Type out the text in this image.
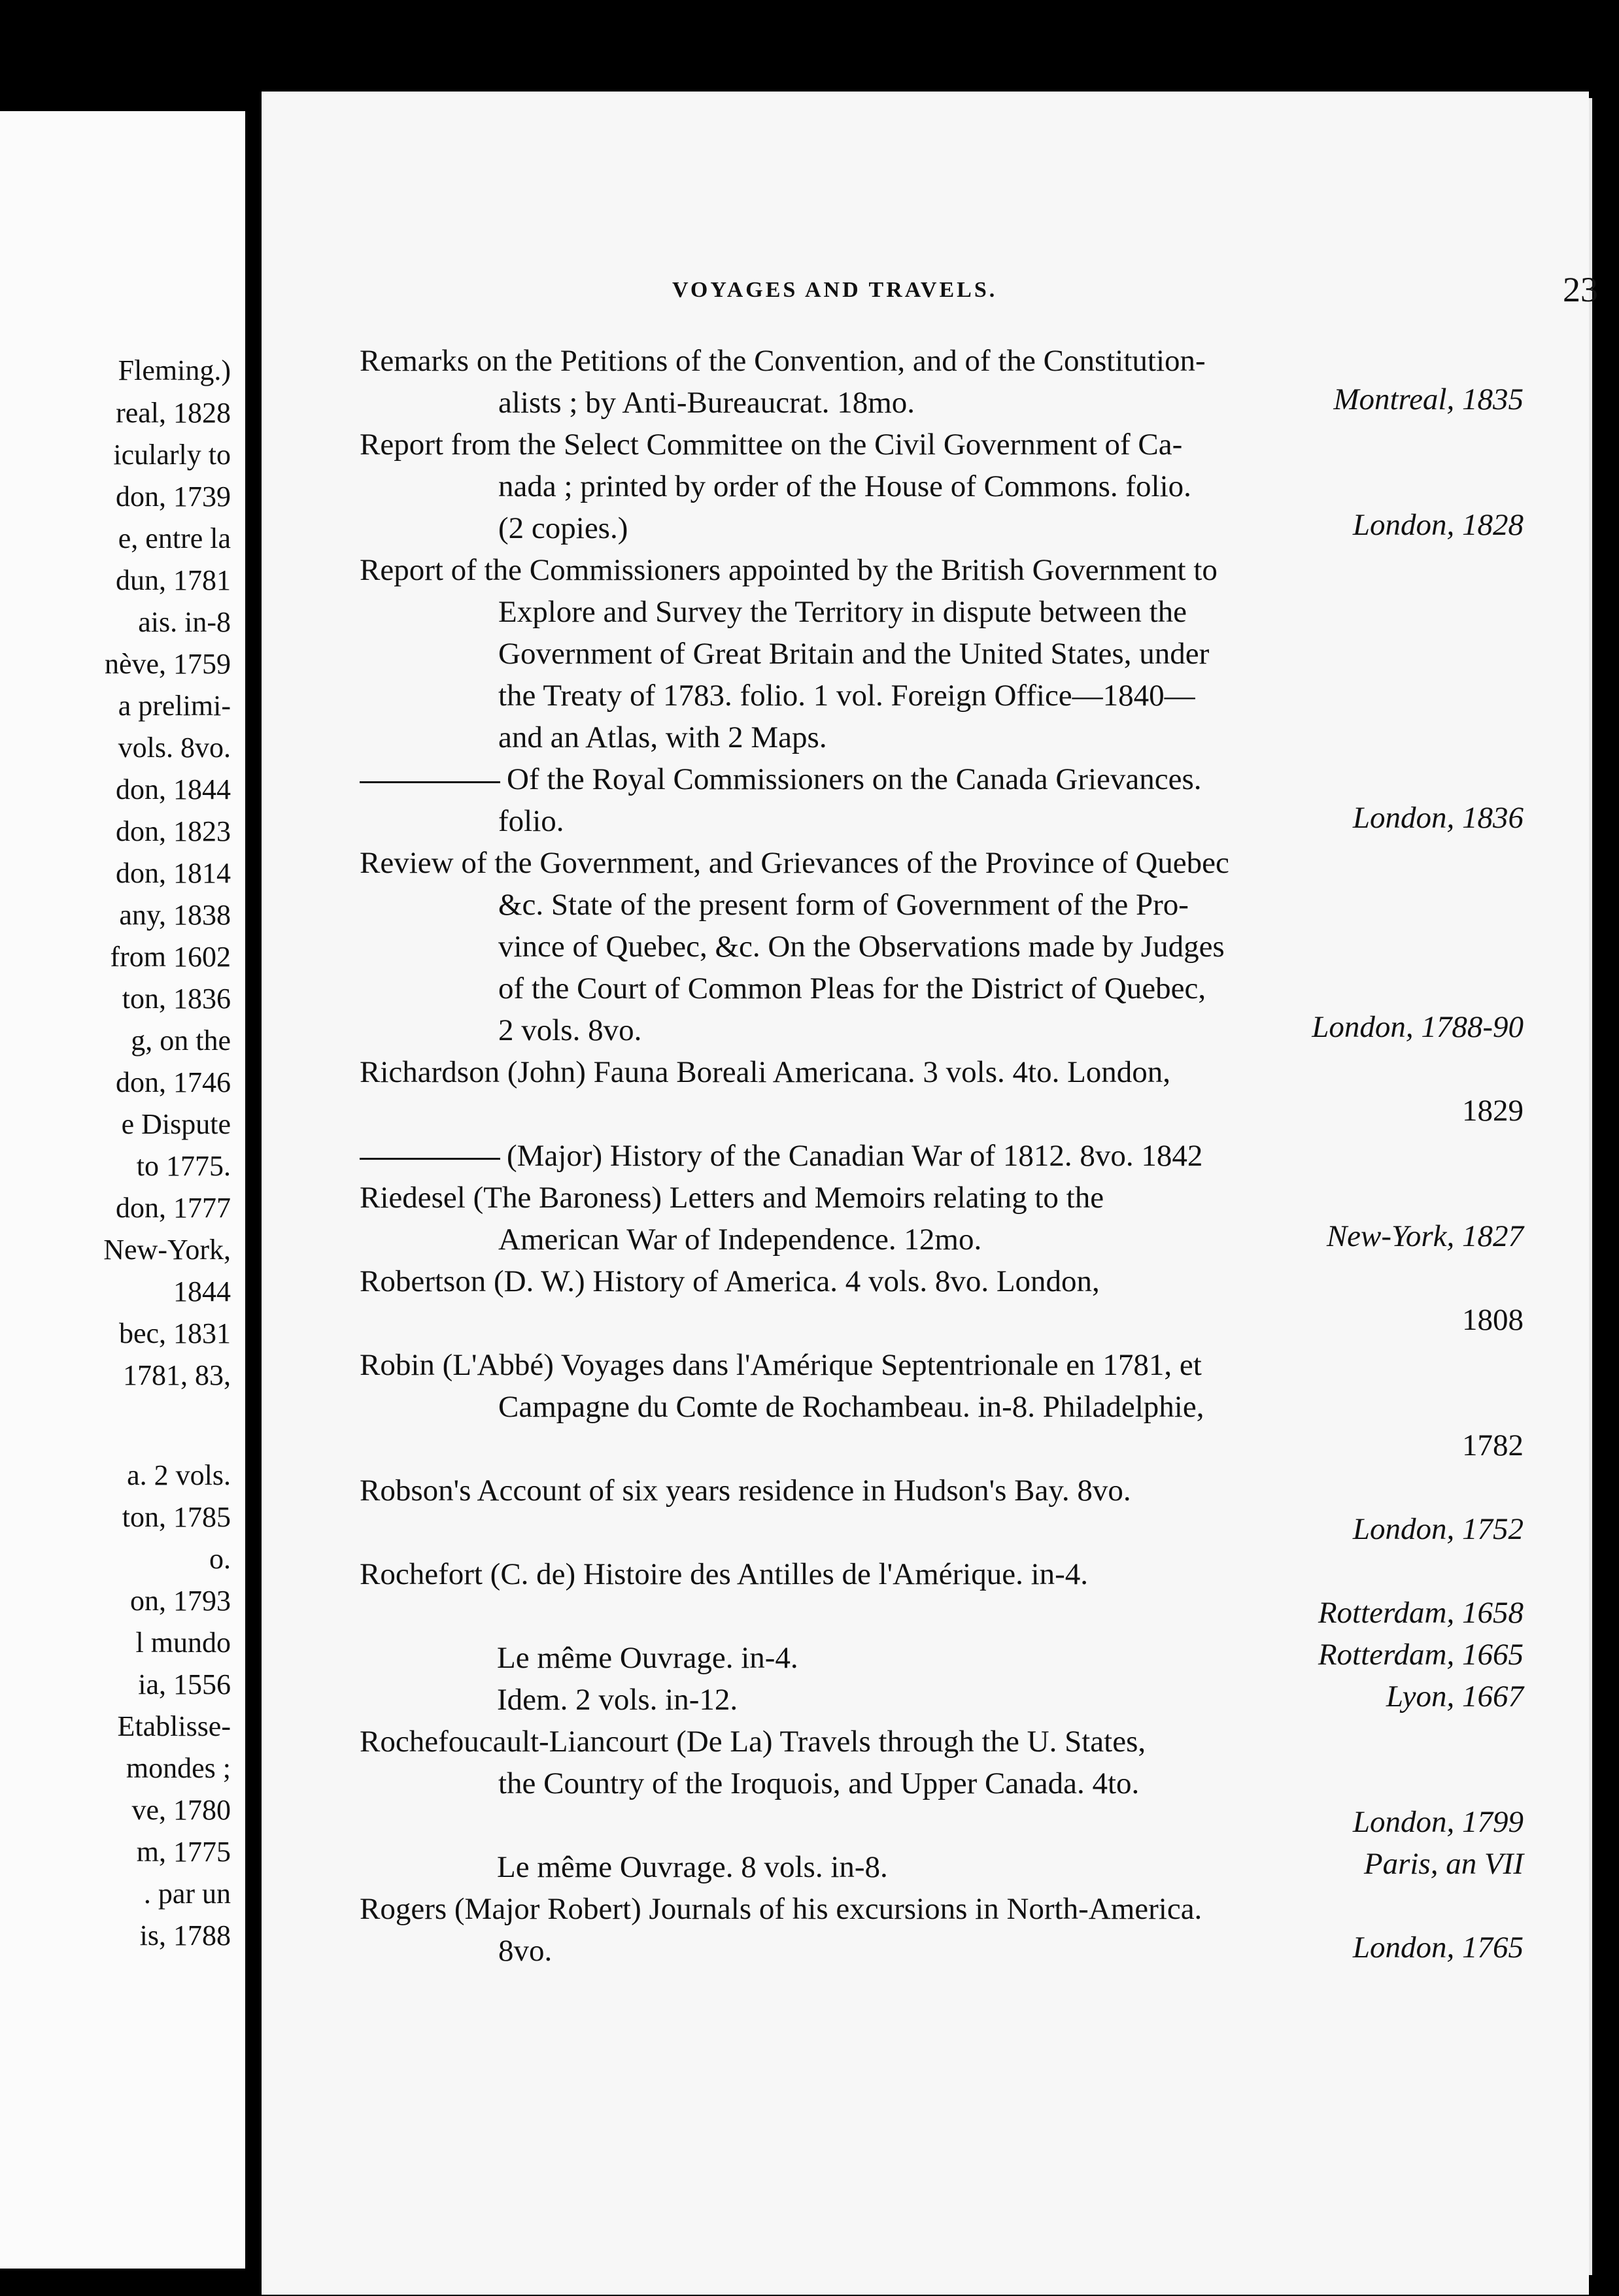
Fleming.)
real, 1828
icularly to
don, 1739
e, entre la
dun, 1781
ais. in-8
nève, 1759
a prelimi-
vols. 8vo.
don, 1844
don, 1823
don, 1814
any, 1838
from 1602
ton, 1836
g, on the
don, 1746
e Dispute
to 1775.
don, 1777
New-York,
1844
bec, 1831
1781, 83,
a. 2 vols.
ton, 1785
o.
on, 1793
l mundo
ia, 1556
Etablisse-
mondes ;
ve, 1780
m, 1775
. par un
is, 1788
VOYAGES AND TRAVELS.	23
Remarks on the Petitions of the Convention, and of the Constitution-
alists ; by Anti-Bureaucrat. 18mo.	Montreal, 1835
Report from the Select Committee on the Civil Government of Ca-
nada ; printed by order of the House of Commons. folio.
(2 copies.)	London, 1828
Report of the Commissioners appointed by the British Government to
Explore and Survey the Territory in dispute between the
Government of Great Britain and the United States, under
the Treaty of 1783. folio. 1 vol. Foreign Office—1840—
and an Atlas, with 2 Maps.
Of the Royal Commissioners on the Canada Grievances.
folio.	London, 1836
Review of the Government, and Grievances of the Province of Quebec
&c. State of the present form of Government of the Pro-
vince of Quebec, &c. On the Observations made by Judges
of the Court of Common Pleas for the District of Quebec,
2 vols. 8vo.	London, 1788-90
Richardson (John) Fauna Boreali Americana. 3 vols. 4to. London,
1829
(Major) History of the Canadian War of 1812. 8vo. 1842
Riedesel (The Baroness) Letters and Memoirs relating to the
American War of Independence. 12mo.	New-York, 1827
Robertson (D. W.) History of America. 4 vols. 8vo. London,
1808
Robin (L'Abbé) Voyages dans l'Amérique Septentrionale en 1781, et
Campagne du Comte de Rochambeau. in-8. Philadelphie,
1782
Robson's Account of six years residence in Hudson's Bay. 8vo.
London, 1752
Rochefort (C. de) Histoire des Antilles de l'Amérique. in-4.
Rotterdam, 1658
Le même Ouvrage. in-4.	Rotterdam, 1665
Idem. 2 vols. in-12.	Lyon, 1667
Rochefoucault-Liancourt (De La) Travels through the U. States,
the Country of the Iroquois, and Upper Canada. 4to.
London, 1799
Le même Ouvrage. 8 vols. in-8.	Paris, an VII
Rogers (Major Robert) Journals of his excursions in North-America.
8vo.	London, 1765
